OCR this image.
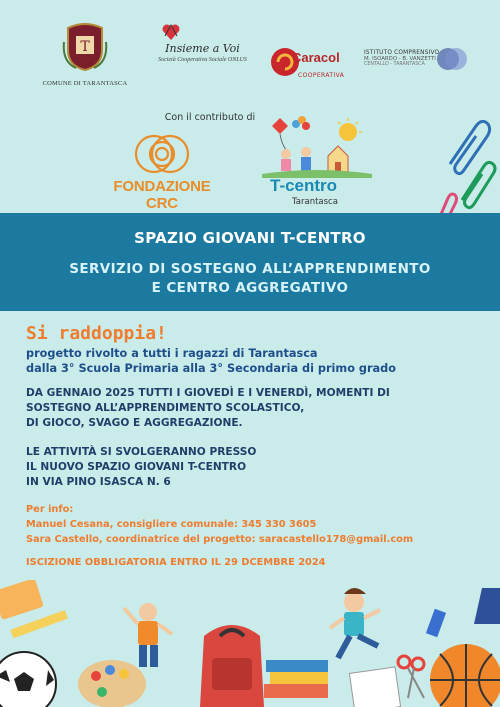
T
COMUNE DI TARANTASCA
Insieme a Voi
Società Cooperativa Sociale ONLUS	Caracol
COOPERATIVA
ISTITUTO COMPRENSIVO
M. ISOARDO - B. VANZETTI
CENTALLO - TARANTASCA
Con il contributo di
FONDAZIONE CRC
T-centro
Tarantasca
SPAZIO GIOVANI T-CENTRO
SERVIZIO DI SOSTEGNO ALL’APPRENDIMENTO
E CENTRO AGGREGATIVO
Si raddoppia!
progetto rivolto a tutti i ragazzi di Tarantasca
dalla 3° Scuola Primaria alla 3° Secondaria di primo grado
DA GENNAIO 2025 TUTTI I GIOVEDÌ E I VENERDÌ, MOMENTI DI
SOSTEGNO ALL’APPRENDIMENTO SCOLASTICO,
DI GIOCO, SVAGO E AGGREGAZIONE.
LE ATTIVITÀ SI SVOLGERANNO PRESSO
IL NUOVO SPAZIO GIOVANI T-CENTRO
IN VIA PINO ISASCA N. 6
Per info:
Manuel Cesana, consigliere comunale: 345 330 3605
Sara Castello, coordinatrice del progetto: saracastello178@gmail.com
ISCIZIONE OBBLIGATORIA ENTRO IL 29 DCEMBRE 2024
